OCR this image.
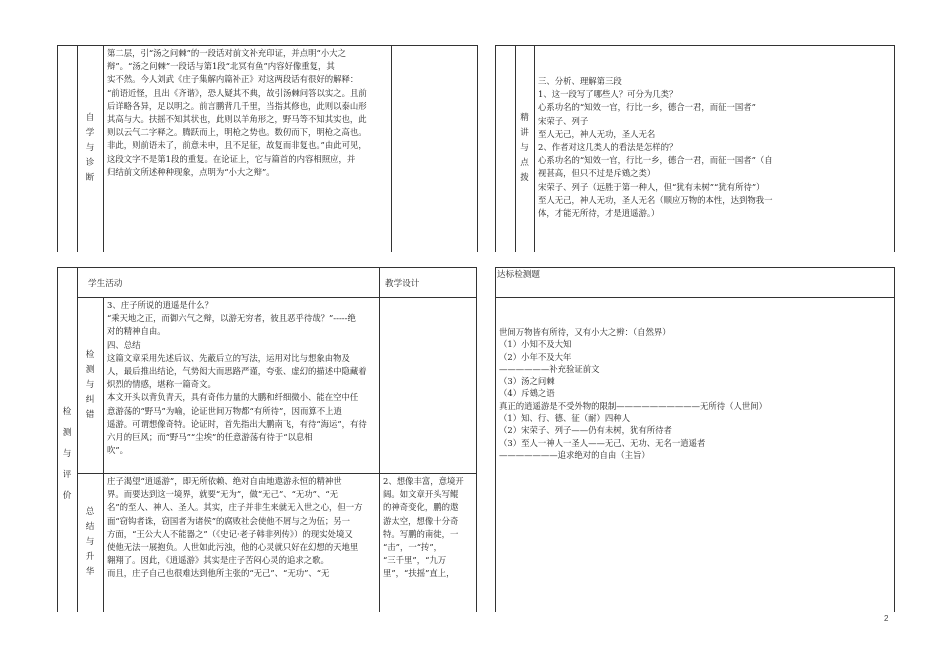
自学与诊断
第二层，引“汤之问棘”的一段话对前文补充印证，并点明“小大之
辩”。“汤之问棘”一段话与第1段“北冥有鱼”内容好像重复，其
实不然。今人刘武《庄子集解内篇补正》对这两段话有很好的解释：
“前语近怪，且出《齐谐》，恐人疑其不典，故引汤棘问答以实之。且前
后详略各异，足以明之。前言鹏背几千里，当指其修也，此则以泰山形
其高与大。扶摇不知其状也，此则以羊角形之，野马等不知其实也，此
则以云气二字释之。腾跃而上，明枪之势也。数仞而下，明枪之高也。
非此，则前语未了，前意未申，且不足征，故复而非复也。”由此可见，
这段文字不是第1段的重复。在论证上，它与篇首的内容相照应，并
归结前文所述种种现象，点明为“小大之辩”。
精讲与点拨
三、分析、理解第三段
1、这一段写了哪些人？可分为几类？
心系功名的“知效一官，行比一乡，德合一君，而征一国者”
宋荣子、列子
至人无己，神人无功，圣人无名
2、作者对这几类人的看法是怎样的？
心系功名的“知效一官，行比一乡，德合一君，而征一国者”（自
视甚高，但只不过是斥鴳之类）
宋荣子、列子（远胜于第一种人，但“犹有未树”“犹有所待”）
至人无己，神人无功，圣人无名（顺应万物的本性，达到物我一
体，才能无所待，才是逍遥游。）
检测与评价
学生活动	教学设计
检测与纠错
3、庄子所说的逍遥是什么？
“乘天地之正，而御六气之辩，以游无穷者，彼且恶乎待哉？”-----绝
对的精神自由。
四、总结
这篇文章采用先述后议、先蔽后立的写法，运用对比与想象由物及
人，最后推出结论，气势闳大而思路严谨，夸张、虚幻的描述中隐藏着
炽烈的情感，堪称一篇奇文。
本文开头以背负青天，具有奇伟力量的大鹏和纤细微小、能在空中任
意游荡的“野马”为喻，论证世间万物都“有所待”，因而算不上逍
遥游。可谓想像奇特。论证时，首先指出大鹏南飞，有待“海运”，有待
六月的巨风；而“野马”“尘埃”的任意游荡有待于“以息相
吹”。
总结与升华
庄子渴望“逍遥游”，即无所依赖、绝对自由地遨游永恒的精神世
界。而要达到这一境界，就要“无为”，做“无己”、“无功”、“无
名”的至人、神人、圣人。其实，庄子并非生来就无入世之心，但一方
面“窃钩者诛，窃国者为诸侯”的腐败社会使他不屑与之为伍；另一
方面，“王公大人不能器之”（《史记·老子韩非列传》）的现实处境又
使他无法一展抱负。人世如此污浊，他的心灵就只好在幻想的天地里
翱翔了。因此，《逍遥游》其实是庄子苦闷心灵的追求之歌。
而且，庄子自己也很难达到他所主张的“无己”、“无功”、“无
2、想像丰富，意境开
阔。如文章开头写鲲
的神奇变化，鹏的遨
游太空，想像十分奇
特。写鹏的南徙，一
“击”，一“抟”，
“三千里”，“九万
里”，“扶摇”直上，
达标检测题
世间万物皆有所待，又有小大之辨：（自然界）
（1）小知不及大知
（2）小年不及大年
——————补充验证前文
（3）汤之问棘
（4）斥鴳之语
真正的逍遥游是不受外物的限制——————————无所待（人世间）
（1）知、行、德、征（耐）四种人
（2）宋荣子、列子——仍有未树，犹有所待者
（3）至人一神人一圣人——无己、无功、无名一逍遥者
———————追求绝对的自由（主旨）
2
